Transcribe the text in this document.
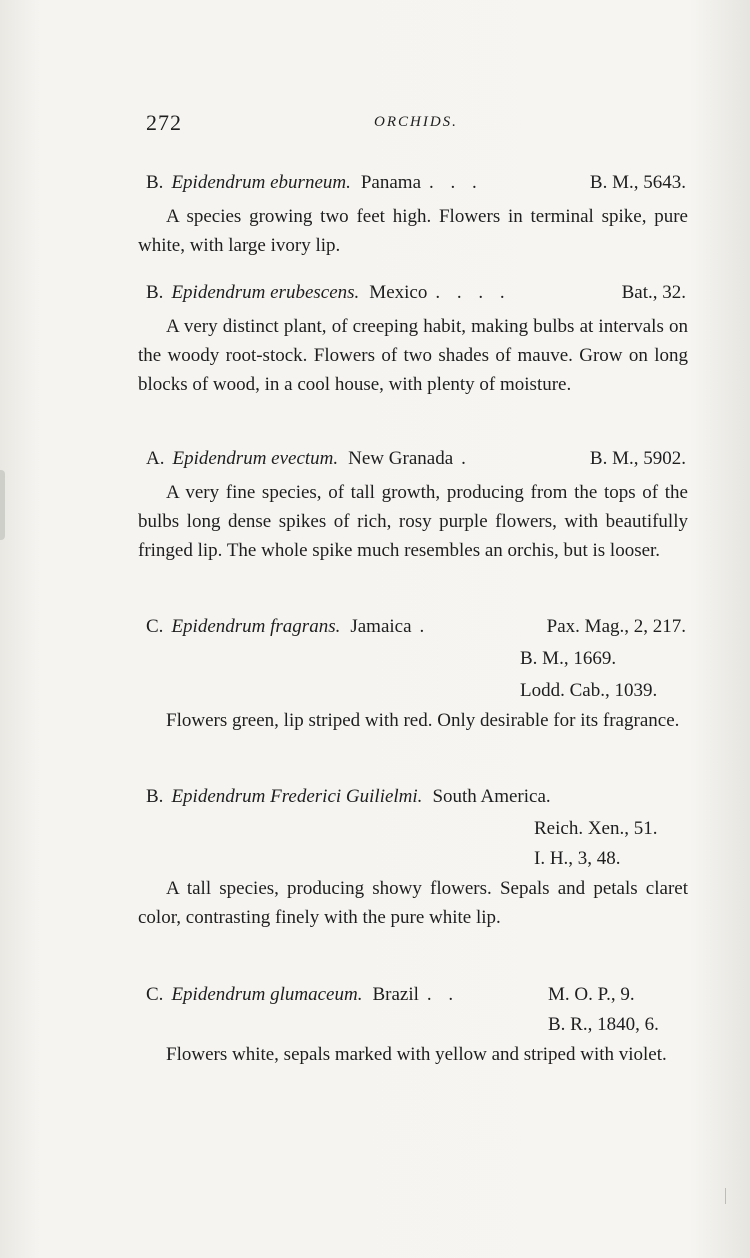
272	ORCHIDS.
B. Epidendrum eburneum. Panama . . .	B. M., 5643.
A species growing two feet high. Flowers in terminal spike, pure white, with large ivory lip.
B. Epidendrum erubescens. Mexico . . . .	Bat., 32.
A very distinct plant, of creeping habit, making bulbs at intervals on the woody root-stock. Flowers of two shades of mauve. Grow on long blocks of wood, in a cool house, with plenty of moisture.
A. Epidendrum evectum. New Granada .	B. M., 5902.
A very fine species, of tall growth, producing from the tops of the bulbs long dense spikes of rich, rosy purple flowers, with beautifully fringed lip. The whole spike much resembles an orchis, but is looser.
C. Epidendrum fragrans. Jamaica .	Pax. Mag., 2, 217.
B. M., 1669.
Lodd. Cab., 1039.
Flowers green, lip striped with red. Only desirable for its fragrance.
B. Epidendrum Frederici Guilielmi. South America.
Reich. Xen., 51.
I. H., 3, 48.
A tall species, producing showy flowers. Sepals and petals claret color, contrasting finely with the pure white lip.
C. Epidendrum glumaceum. Brazil . .	M. O. P., 9.
B. R., 1840, 6.
Flowers white, sepals marked with yellow and striped with violet.
